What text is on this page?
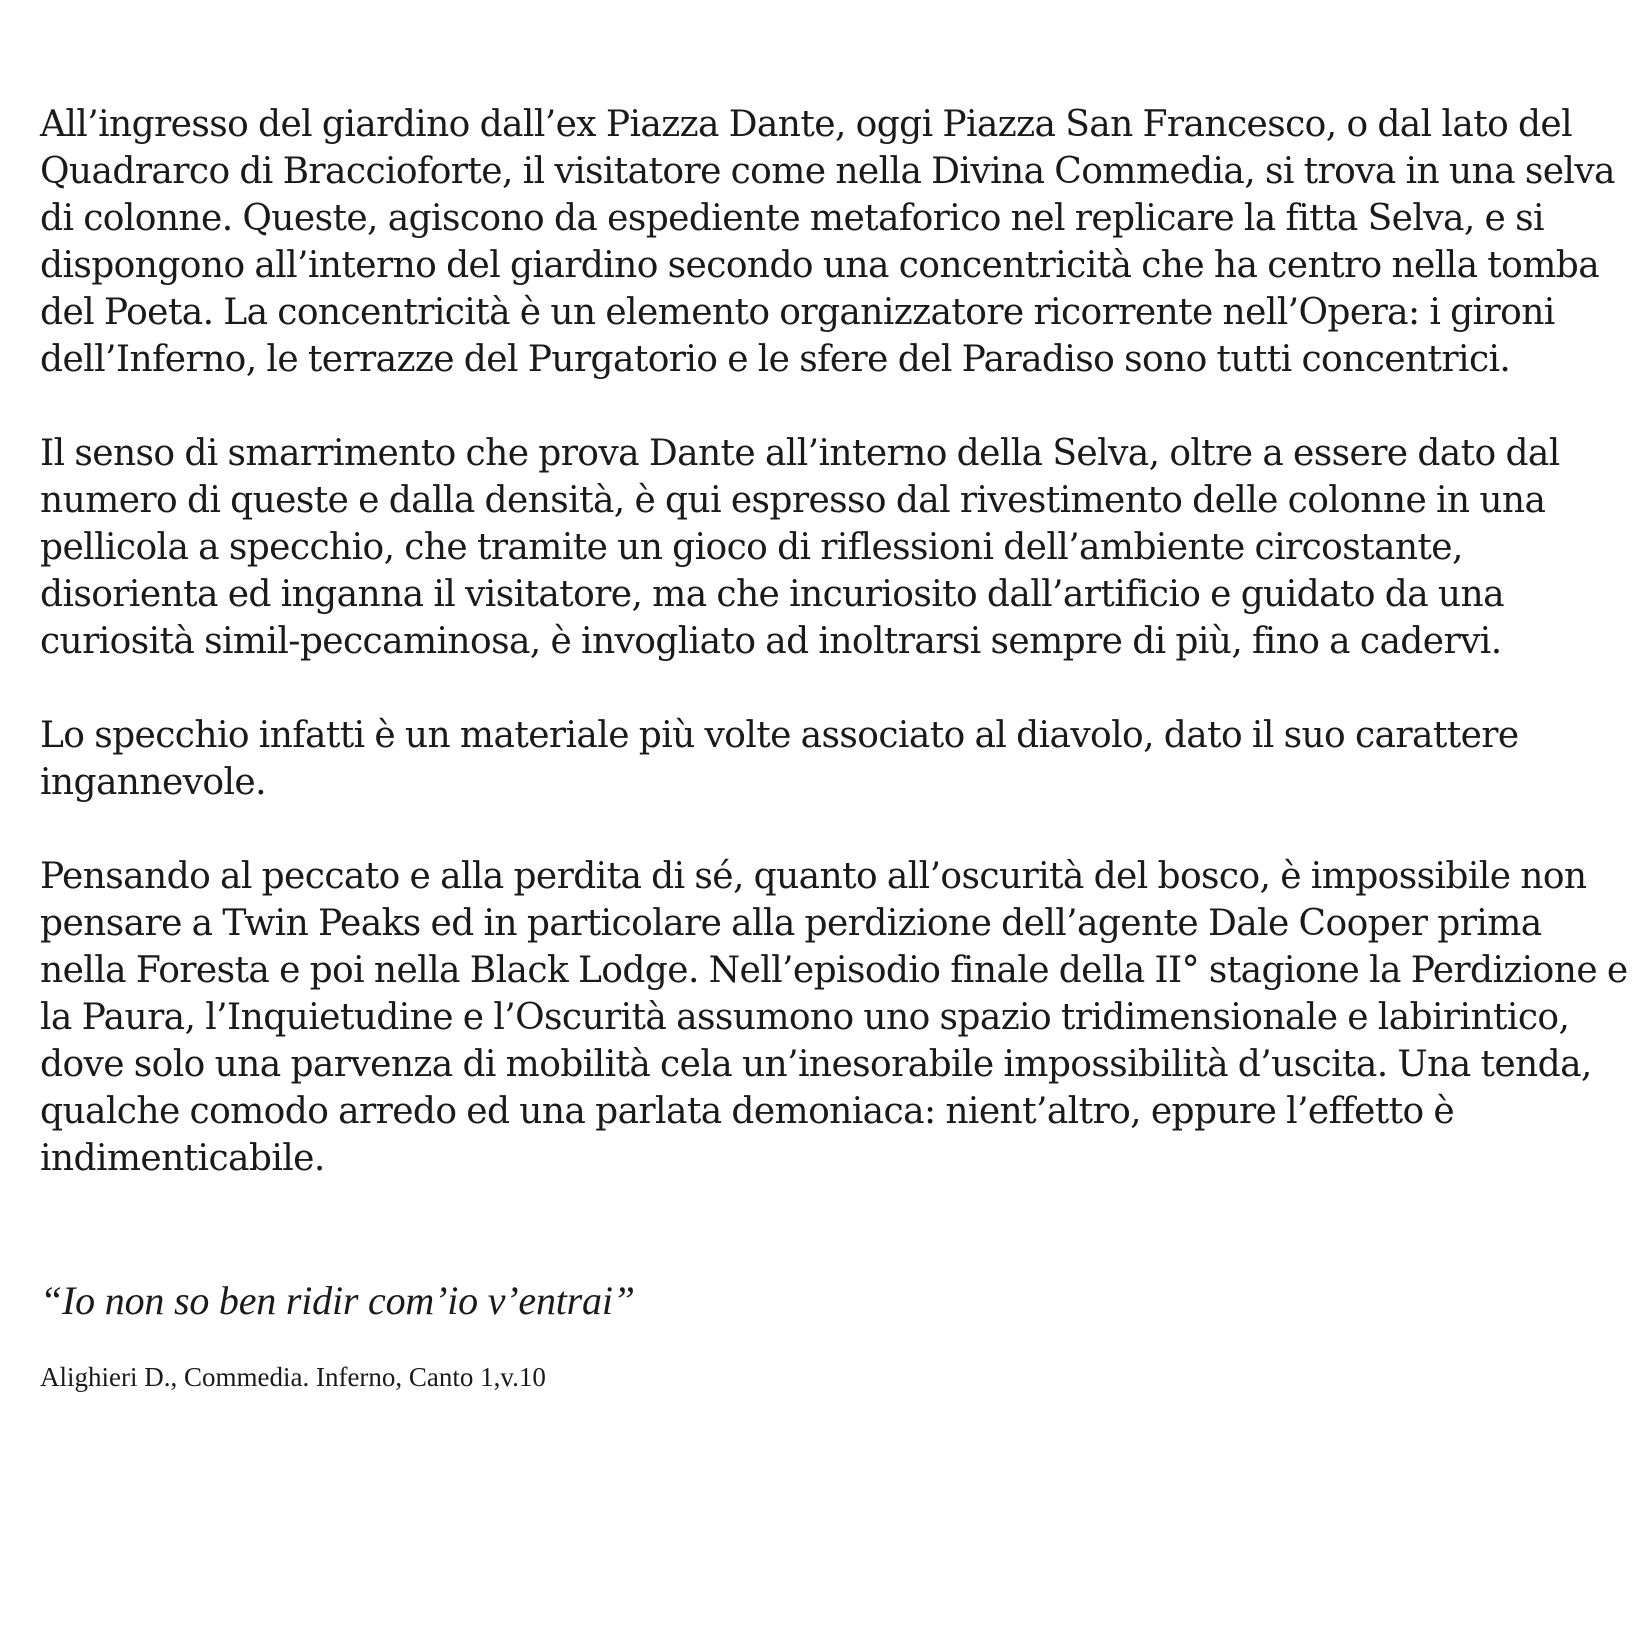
All’ingresso del giardino dall’ex Piazza Dante, oggi Piazza San Francesco, o dal lato del Quadrarco di Braccioforte, il visitatore come nella Divina Commedia, si trova in una selva di colonne. Queste, agiscono da espediente metaforico nel replicare la fitta Selva, e si dispongono all’interno del giardino secondo una concentricità che ha centro nella tomba del Poeta. La concentricità è un elemento organizzatore ricorrente nell’Opera: i gironi dell’Inferno, le terrazze del Purgatorio e le sfere del Paradiso sono tutti concentrici.

Il senso di smarrimento che prova Dante all’interno della Selva, oltre a essere dato dal numero di queste e dalla densità, è qui espresso dal rivestimento delle colonne in una pellicola a specchio, che tramite un gioco di riflessioni dell’ambiente circostante, disorienta ed inganna il visitatore, ma che incuriosito dall’artificio e guidato da una curiosità simil-peccaminosa, è invogliato ad inoltrarsi sempre di più, fino a cadervi.

Lo specchio infatti è un materiale più volte associato al diavolo, dato il suo carattere ingannevole.

Pensando al peccato e alla perdita di sé, quanto all’oscurità del bosco, è impossibile non pensare a Twin Peaks ed in particolare alla perdizione dell’agente Dale Cooper prima nella Foresta e poi nella Black Lodge. Nell’episodio finale della II° stagione la Perdizione e la Paura, l’Inquietudine e l’Oscurità assumono uno spazio tridimensionale e labirintico, dove solo una parvenza di mobilità cela un’inesorabile impossibilità d’uscita. Una tenda, qualche comodo arredo ed una parlata demoniaca: nient’altro, eppure l’effetto è indimenticabile.

“Io non so ben ridir com’io v’entrai”

Alighieri D., Commedia. Inferno, Canto 1,v.10
